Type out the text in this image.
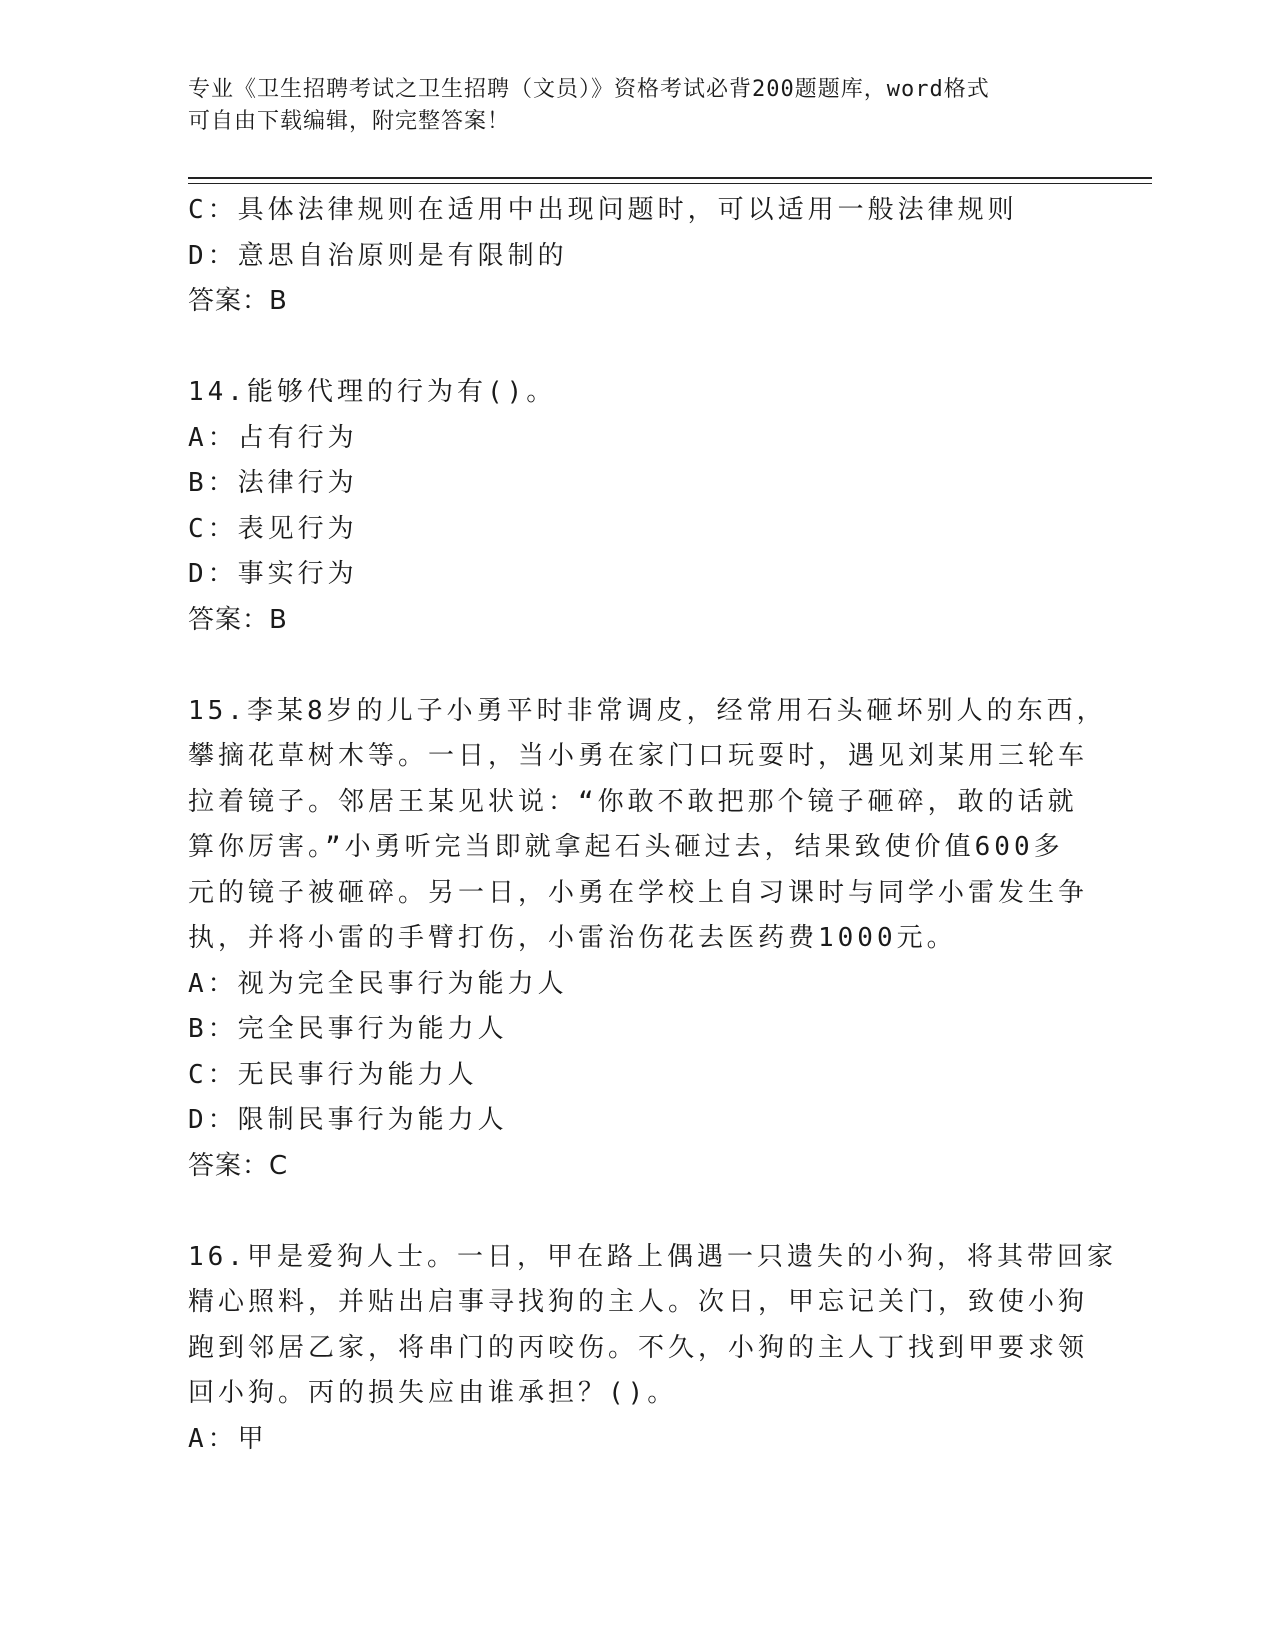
专业《卫生招聘考试之卫生招聘（文员）》资格考试必背200题题库，word格式
可自由下载编辑，附完整答案！
C：具体法律规则在适用中出现问题时，可以适用一般法律规则
D：意思自治原则是有限制的
答案：B
14.能够代理的行为有()。
A：占有行为
B：法律行为
C：表见行为
D：事实行为
答案：B
15.李某8岁的儿子小勇平时非常调皮，经常用石头砸坏别人的东西，
攀摘花草树木等。一日，当小勇在家门口玩耍时，遇见刘某用三轮车
拉着镜子。邻居王某见状说：“你敢不敢把那个镜子砸碎，敢的话就
算你厉害。”小勇听完当即就拿起石头砸过去，结果致使价值600多
元的镜子被砸碎。另一日，小勇在学校上自习课时与同学小雷发生争
执，并将小雷的手臂打伤，小雷治伤花去医药费1000元。
A：视为完全民事行为能力人
B：完全民事行为能力人
C：无民事行为能力人
D：限制民事行为能力人
答案：C
16.甲是爱狗人士。一日，甲在路上偶遇一只遗失的小狗，将其带回家
精心照料，并贴出启事寻找狗的主人。次日，甲忘记关门，致使小狗
跑到邻居乙家，将串门的丙咬伤。不久，小狗的主人丁找到甲要求领
回小狗。丙的损失应由谁承担？()。
A：甲
